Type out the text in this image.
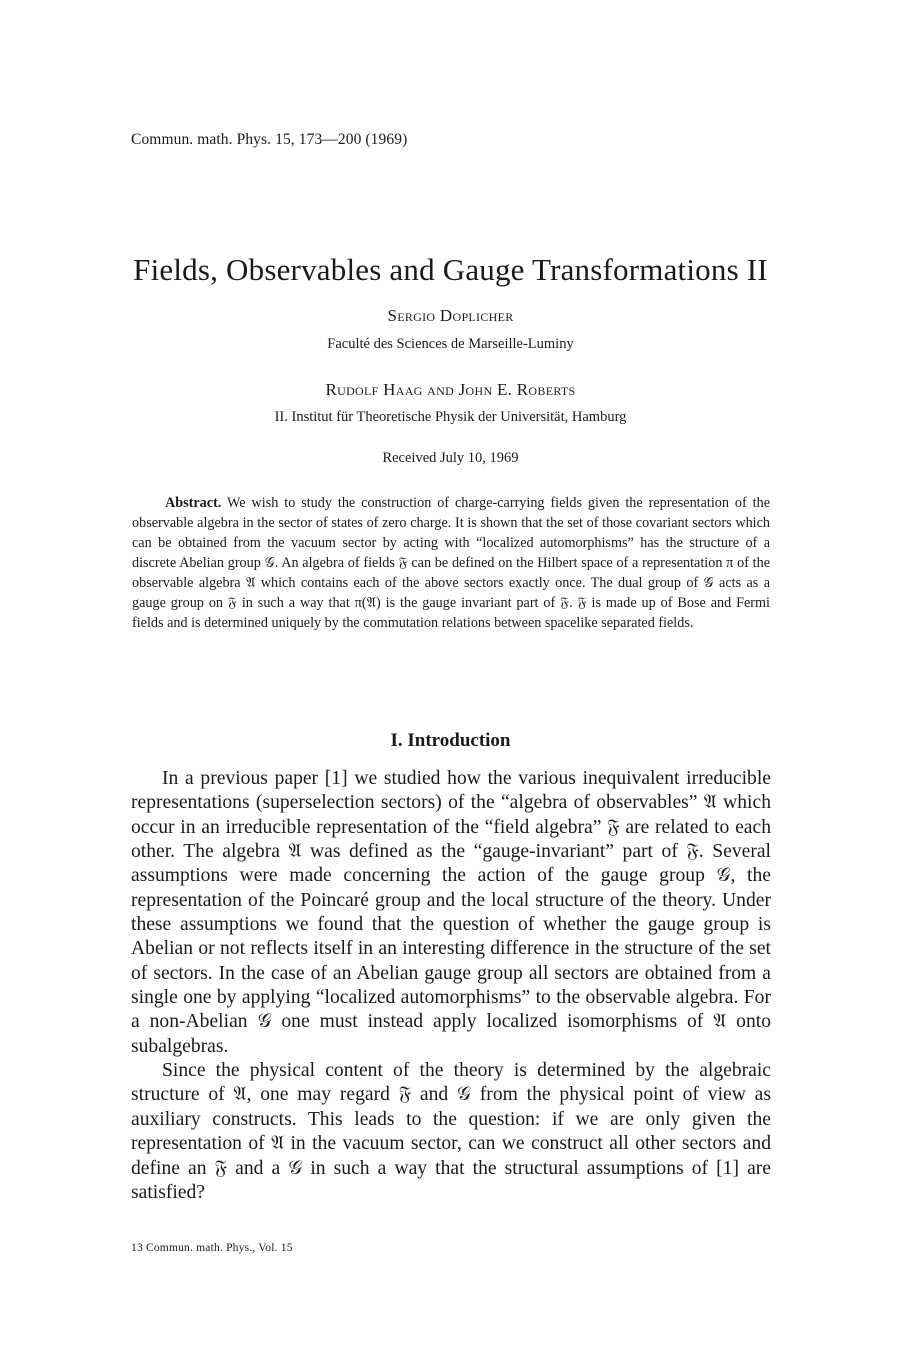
Commun. math. Phys. 15, 173—200 (1969)
Fields, Observables and Gauge Transformations II
Sergio Doplicher
Faculté des Sciences de Marseille-Luminy
Rudolf Haag and John E. Roberts
II. Institut für Theoretische Physik der Universität, Hamburg
Received July 10, 1969
Abstract. We wish to study the construction of charge-carrying fields given the representation of the observable algebra in the sector of states of zero charge. It is shown that the set of those covariant sectors which can be obtained from the vacuum sector by acting with “localized automorphisms” has the structure of a discrete Abelian group 𝒢. An algebra of fields 𝔉 can be defined on the Hilbert space of a representation π of the observable algebra 𝔄 which contains each of the above sectors exactly once. The dual group of 𝒢 acts as a gauge group on 𝔉 in such a way that π(𝔄) is the gauge invariant part of 𝔉. 𝔉 is made up of Bose and Fermi fields and is determined uniquely by the commutation relations between spacelike separated fields.
I. Introduction

In a previous paper [1] we studied how the various inequivalent irreducible representations (superselection sectors) of the “algebra of observables” 𝔄 which occur in an irreducible representation of the “field algebra” 𝔉 are related to each other. The algebra 𝔄 was defined as the “gauge-invariant” part of 𝔉. Several assumptions were made concerning the action of the gauge group 𝒢, the representation of the Poincaré group and the local structure of the theory. Under these assumptions we found that the question of whether the gauge group is Abelian or not reflects itself in an interesting difference in the structure of the set of sectors. In the case of an Abelian gauge group all sectors are obtained from a single one by applying “localized automorphisms” to the observable algebra. For a non-Abelian 𝒢 one must instead apply localized isomorphisms of 𝔄 onto subalgebras.

Since the physical content of the theory is determined by the algebraic structure of 𝔄, one may regard 𝔉 and 𝒢 from the physical point of view as auxiliary constructs. This leads to the question: if we are only given the representation of 𝔄 in the vacuum sector, can we construct all other sectors and define an 𝔉 and a 𝒢 in such a way that the structural assumptions of [1] are satisfied?

13 Commun. math. Phys., Vol. 15
